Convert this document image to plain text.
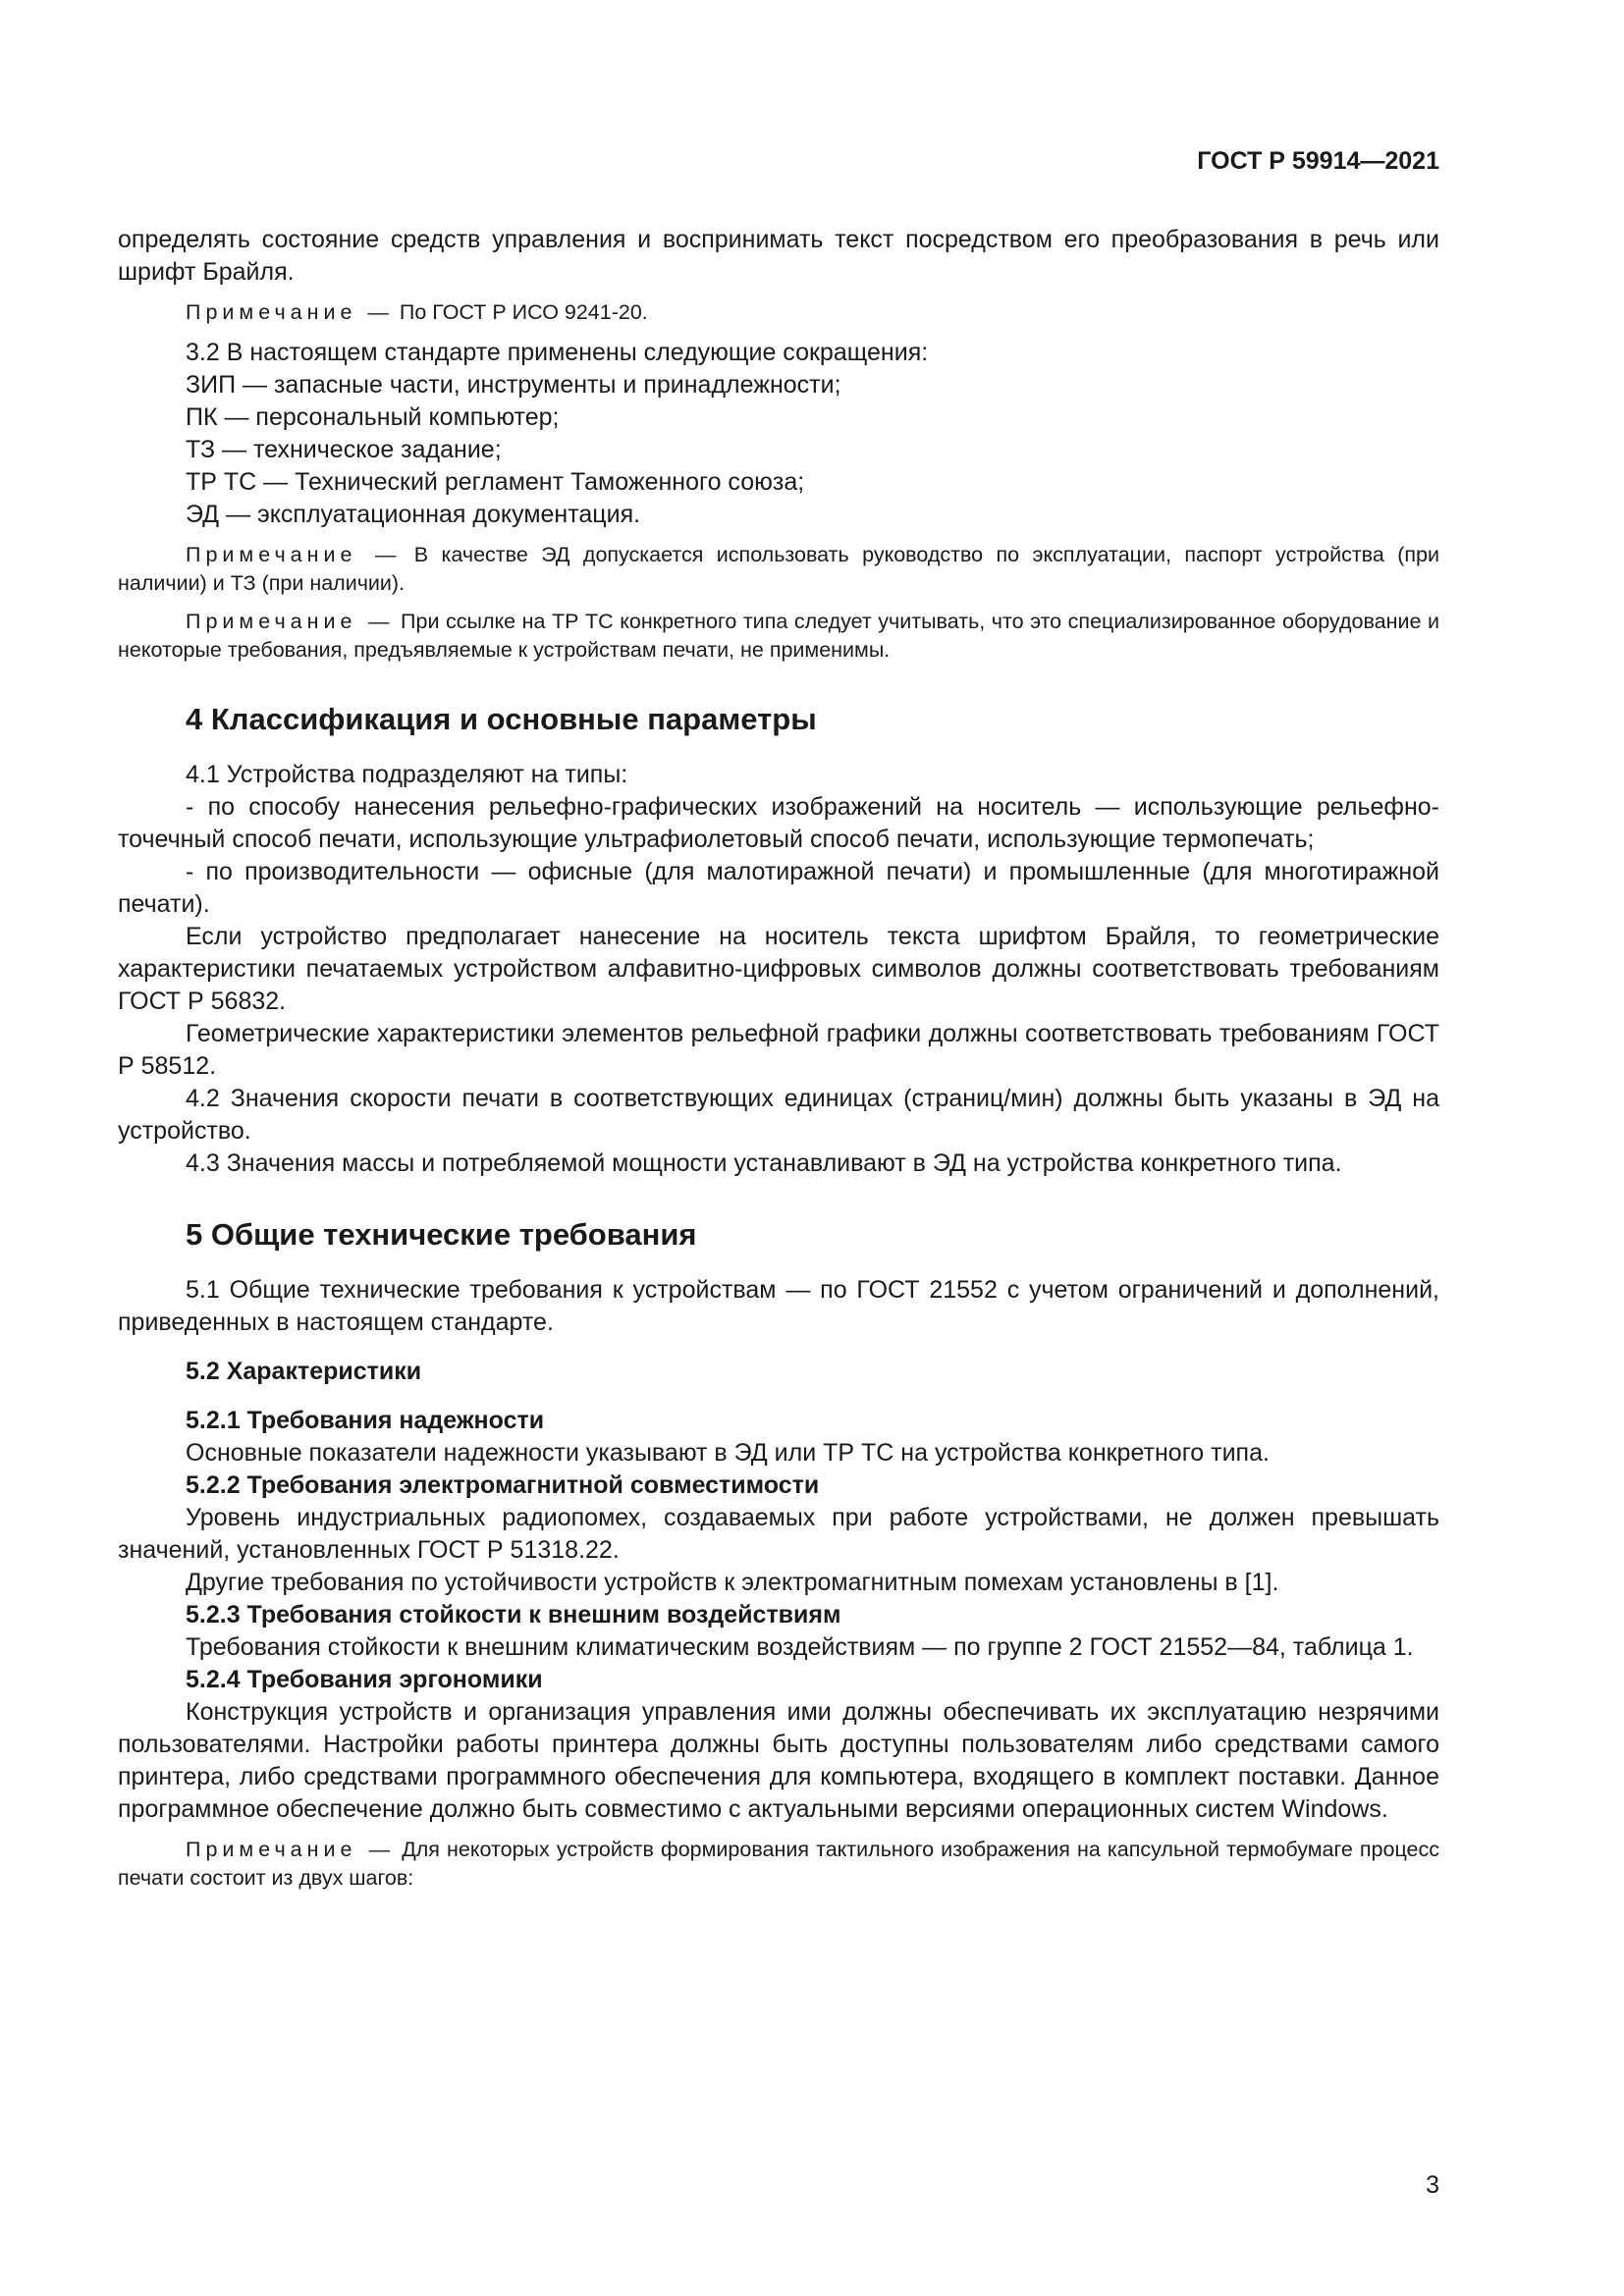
ГОСТ Р 59914—2021

определять состояние средств управления и воспринимать текст посредством его преобразования в речь или шрифт Брайля.

Примечание — По ГОСТ Р ИСО 9241-20.

3.2 В настоящем стандарте применены следующие сокращения:

ЗИП — запасные части, инструменты и принадлежности;

ПК — персональный компьютер;

ТЗ — техническое задание;

ТР ТС — Технический регламент Таможенного союза;

ЭД — эксплуатационная документация.

Примечание — В качестве ЭД допускается использовать руководство по эксплуатации, паспорт устройства (при наличии) и ТЗ (при наличии).

Примечание — При ссылке на ТР ТС конкретного типа следует учитывать, что это специализированное оборудование и некоторые требования, предъявляемые к устройствам печати, не применимы.

4 Классификация и основные параметры

4.1 Устройства подразделяют на типы:

- по способу нанесения рельефно-графических изображений на носитель — использующие рельефно-точечный способ печати, использующие ультрафиолетовый способ печати, использующие термопечать;

- по производительности — офисные (для малотиражной печати) и промышленные (для многотиражной печати).

Если устройство предполагает нанесение на носитель текста шрифтом Брайля, то геометрические характеристики печатаемых устройством алфавитно-цифровых символов должны соответствовать требованиям ГОСТ Р 56832.

Геометрические характеристики элементов рельефной графики должны соответствовать требованиям ГОСТ Р 58512.

4.2 Значения скорости печати в соответствующих единицах (страниц/мин) должны быть указаны в ЭД на устройство.

4.3 Значения массы и потребляемой мощности устанавливают в ЭД на устройства конкретного типа.

5 Общие технические требования

5.1 Общие технические требования к устройствам — по ГОСТ 21552 с учетом ограничений и дополнений, приведенных в настоящем стандарте.

5.2 Характеристики
5.2.1 Требования надежности

Основные показатели надежности указывают в ЭД или ТР ТС на устройства конкретного типа.

5.2.2 Требования электромагнитной совместимости

Уровень индустриальных радиопомех, создаваемых при работе устройствами, не должен превышать значений, установленных ГОСТ Р 51318.22.

Другие требования по устойчивости устройств к электромагнитным помехам установлены в [1].

5.2.3 Требования стойкости к внешним воздействиям

Требования стойкости к внешним климатическим воздействиям — по группе 2 ГОСТ 21552—84, таблица 1.

5.2.4 Требования эргономики

Конструкция устройств и организация управления ими должны обеспечивать их эксплуатацию незрячими пользователями. Настройки работы принтера должны быть доступны пользователям либо средствами самого принтера, либо средствами программного обеспечения для компьютера, входящего в комплект поставки. Данное программное обеспечение должно быть совместимо с актуальными версиями операционных систем Windows.

Примечание — Для некоторых устройств формирования тактильного изображения на капсульной термобумаге процесс печати состоит из двух шагов:

3
